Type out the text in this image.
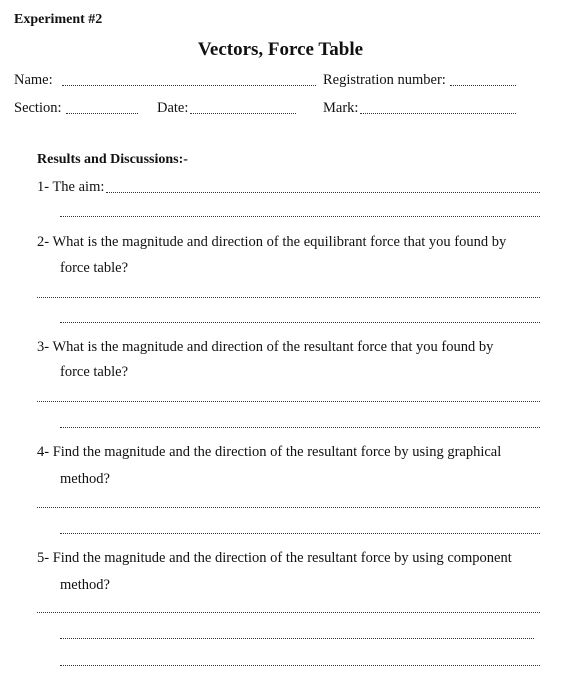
Experiment #2
Vectors, Force Table
Name:	Registration number:
Section:	Date:	Mark:
Results and Discussions:-
1- The aim:
2- What is the magnitude and direction of the equilibrant force that you found by
force table?
3- What is the magnitude and direction of the resultant force that you found by
force table?
4- Find the magnitude and the direction of the resultant force by using graphical
method?
5- Find the magnitude and the direction of the resultant force by using component
method?
